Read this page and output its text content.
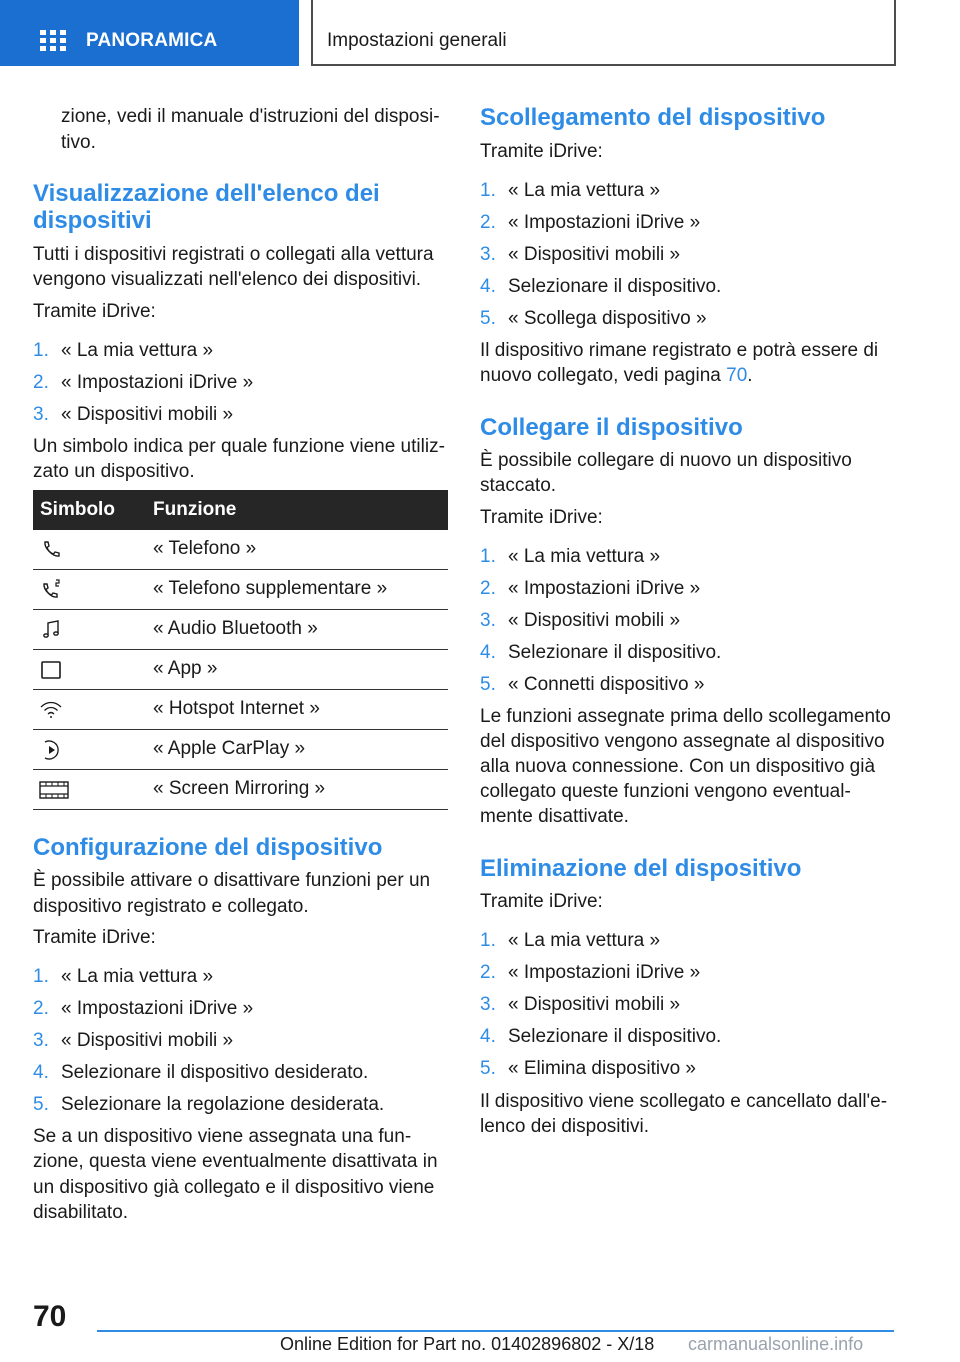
PANORAMICA	Impostazioni generali
zione, vedi il manuale d'istruzioni del disposi-
tivo.
Visualizzazione dell'elenco dei
dispositivi
Tutti i dispositivi registrati o collegati alla vettura
vengono visualizzati nell'elenco dei dispositivi.
Tramite iDrive:
1. « La mia vettura »
2. « Impostazioni iDrive »
3. « Dispositivi mobili »
Un simbolo indica per quale funzione viene utiliz-
zato un dispositivo.
Simbolo Funzione
« Telefono »
« Telefono supplementare »
« Audio Bluetooth »
« App »
« Hotspot Internet »
« Apple CarPlay »
« Screen Mirroring »
Configurazione del dispositivo
È possibile attivare o disattivare funzioni per un
dispositivo registrato e collegato.
Tramite iDrive:
1. « La mia vettura »
2. « Impostazioni iDrive »
3. « Dispositivi mobili »
4. Selezionare il dispositivo desiderato.
5. Selezionare la regolazione desiderata.
Se a un dispositivo viene assegnata una fun-
zione, questa viene eventualmente disattivata in
un dispositivo già collegato e il dispositivo viene
disabilitato.
Scollegamento del dispositivo
Tramite iDrive:
1. « La mia vettura »
2. « Impostazioni iDrive »
3. « Dispositivi mobili »
4. Selezionare il dispositivo.
5. « Scollega dispositivo »
Il dispositivo rimane registrato e potrà essere di
nuovo collegato, vedi pagina 70.
Collegare il dispositivo
È possibile collegare di nuovo un dispositivo
staccato.
Tramite iDrive:
1. « La mia vettura »
2. « Impostazioni iDrive »
3. « Dispositivi mobili »
4. Selezionare il dispositivo.
5. « Connetti dispositivo »
Le funzioni assegnate prima dello scollegamento
del dispositivo vengono assegnate al dispositivo
alla nuova connessione. Con un dispositivo già
collegato queste funzioni vengono eventual-
mente disattivate.
Eliminazione del dispositivo
Tramite iDrive:
1. « La mia vettura »
2. « Impostazioni iDrive »
3. « Dispositivi mobili »
4. Selezionare il dispositivo.
5. « Elimina dispositivo »
Il dispositivo viene scollegato e cancellato dall'e-
lenco dei dispositivi.
70
Online Edition for Part no. 01402896802 - X/18 carmanualsonline.info
